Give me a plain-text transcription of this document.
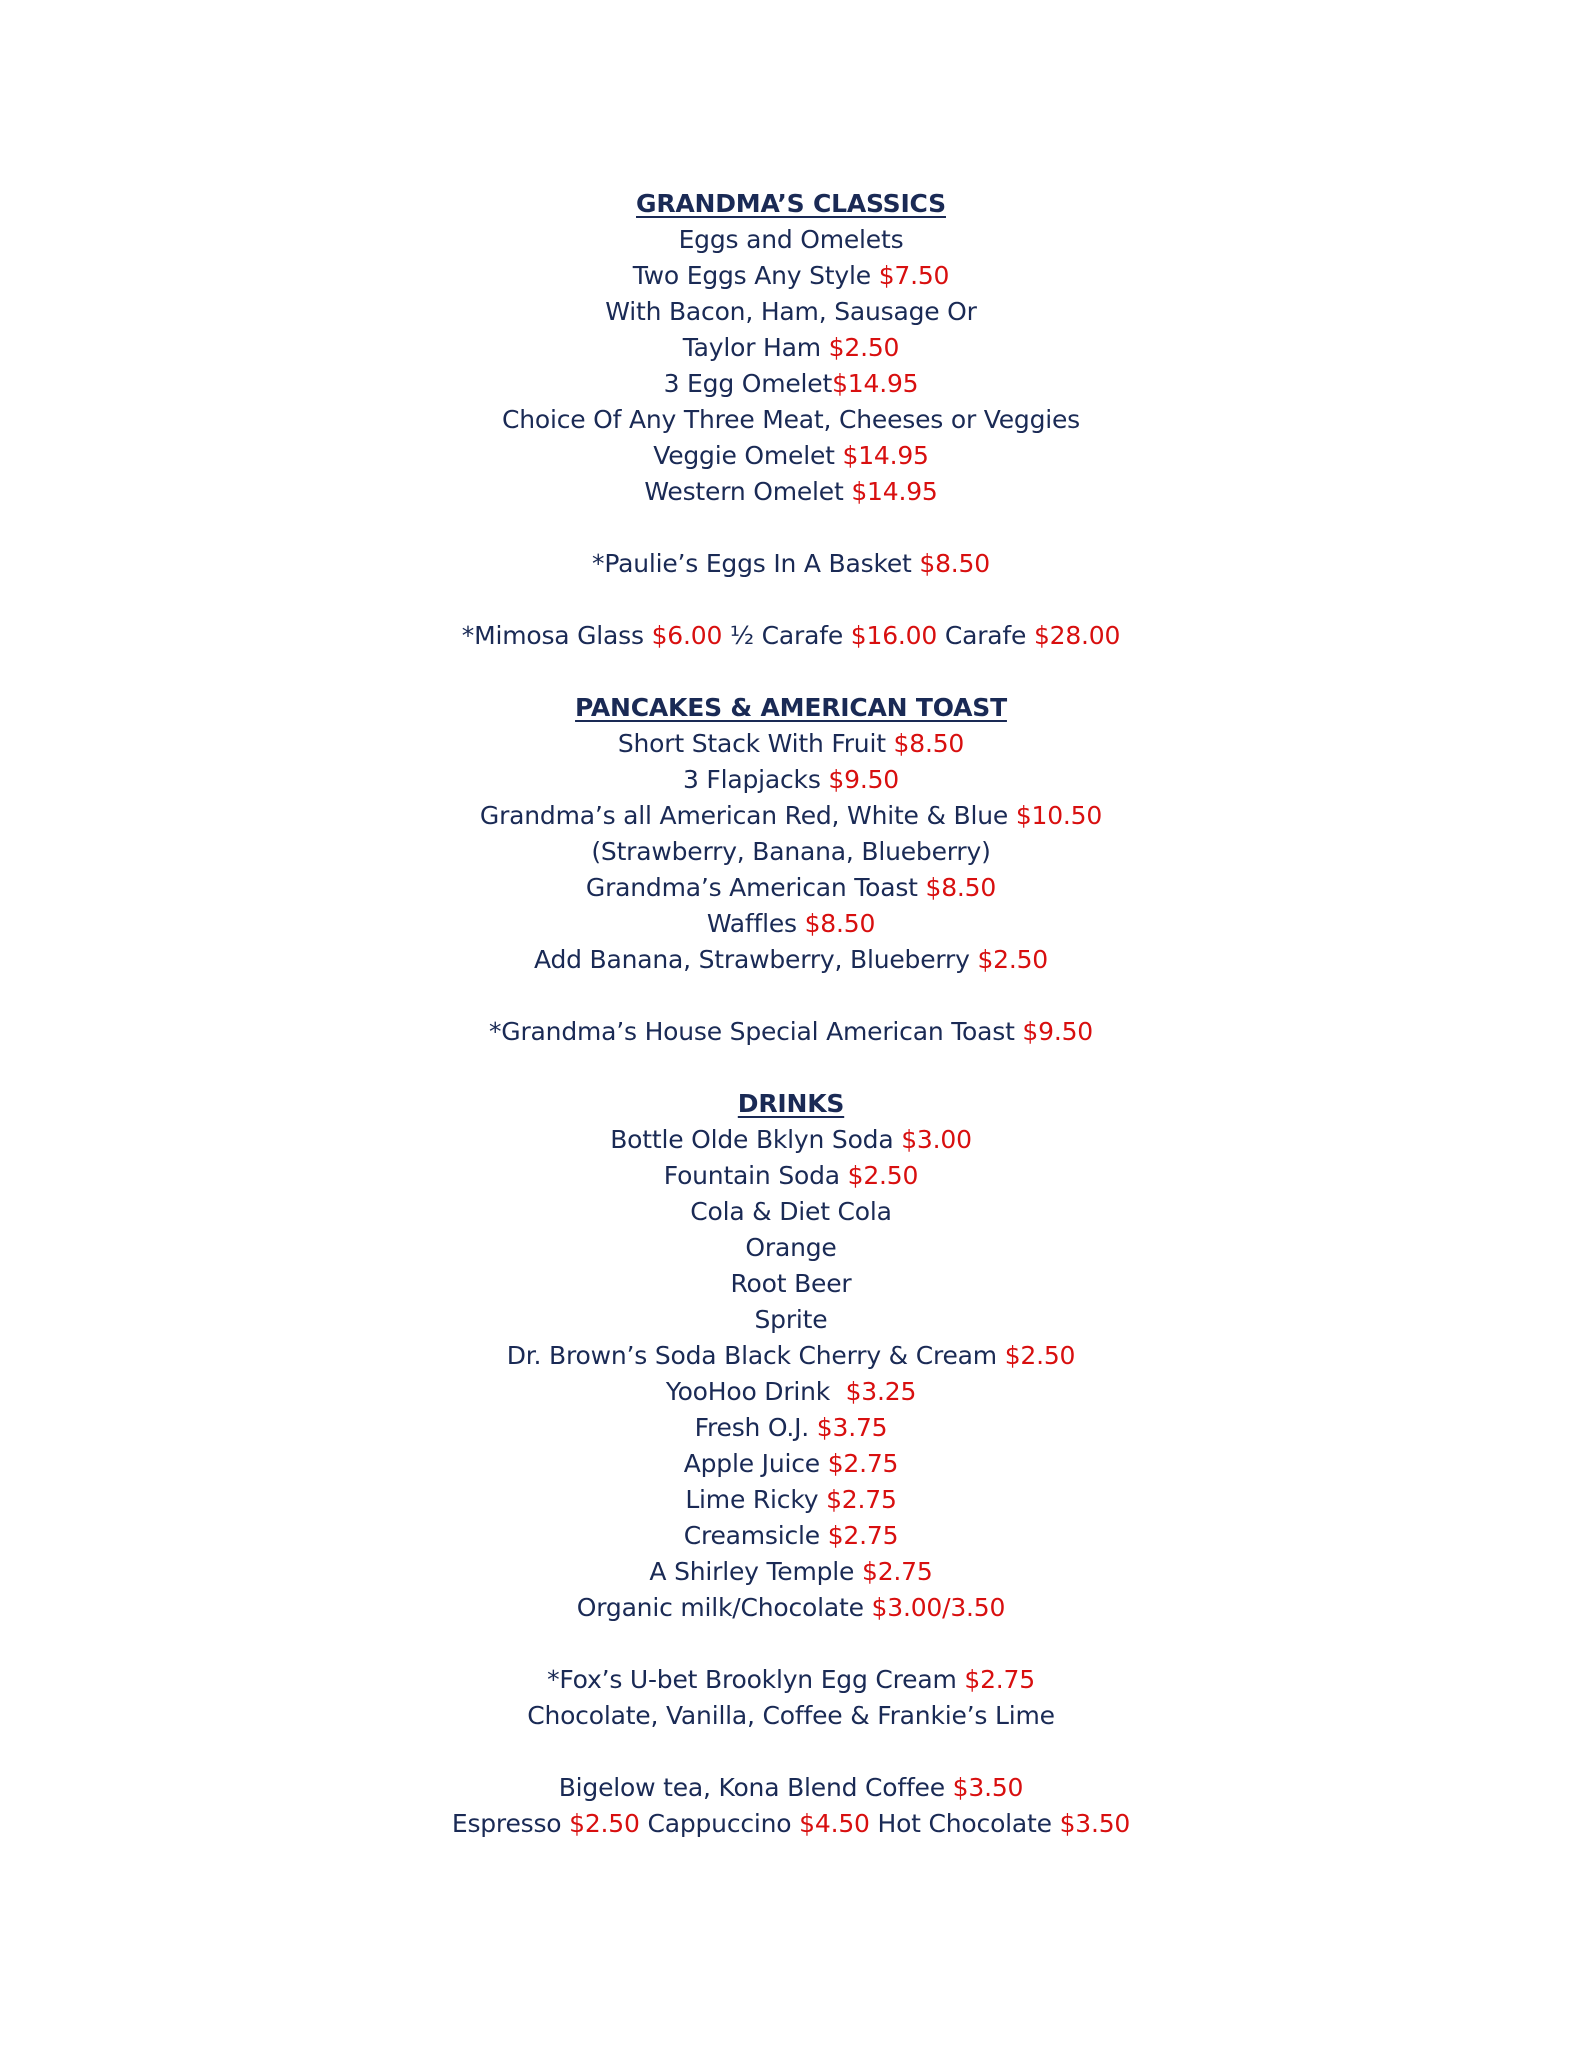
GRANDMA’S CLASSICS
Eggs and Omelets
Two Eggs Any Style $7.50
With Bacon, Ham, Sausage Or
Taylor Ham $2.50
3 Egg Omelet$14.95
Choice Of Any Three Meat, Cheeses or Veggies
Veggie Omelet $14.95
Western Omelet $14.95
*Paulie’s Eggs In A Basket $8.50
*Mimosa Glass $6.00 ½ Carafe $16.00 Carafe $28.00
PANCAKES & AMERICAN TOAST
Short Stack With Fruit $8.50
3 Flapjacks $9.50
Grandma’s all American Red, White & Blue $10.50
(Strawberry, Banana, Blueberry)
Grandma’s American Toast $8.50
Waffles $8.50
Add Banana, Strawberry, Blueberry $2.50
*Grandma’s House Special American Toast $9.50
DRINKS
Bottle Olde Bklyn Soda $3.00
Fountain Soda $2.50
Cola & Diet Cola
Orange
Root Beer
Sprite
Dr. Brown’s Soda Black Cherry & Cream $2.50
YooHoo Drink  $3.25
Fresh O.J. $3.75
Apple Juice $2.75
Lime Ricky $2.75
Creamsicle $2.75
A Shirley Temple $2.75
Organic milk/Chocolate $3.00/3.50
*Fox’s U-bet Brooklyn Egg Cream $2.75
Chocolate, Vanilla, Coffee & Frankie’s Lime
Bigelow tea, Kona Blend Coffee $3.50
Espresso $2.50 Cappuccino $4.50 Hot Chocolate $3.50
